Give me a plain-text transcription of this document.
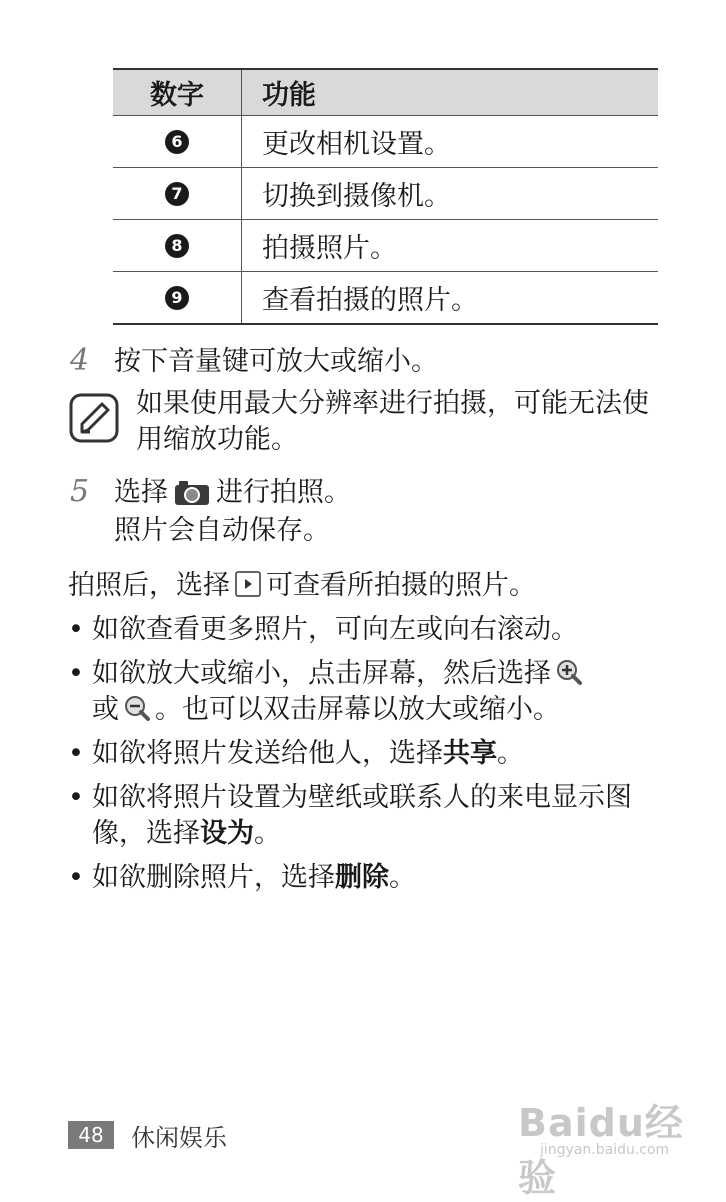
数字	功能
6	更改相机设置。
7	切换到摄像机。
8	拍摄照片。
9	查看拍摄的照片。
4 按下音量键可放大或缩小。
如果使用最大分辨率进行拍摄，可能无法使用缩放功能。
5 选择 进行拍照。
照片会自动保存。
拍照后，选择 可查看所拍摄的照片。
• 如欲查看更多照片，可向左或向右滚动。
• 如欲放大或缩小，点击屏幕，然后选择
或 。也可以双击屏幕以放大或缩小。
• 如欲将照片发送给他人，选择共享。
• 如欲将照片设置为壁纸或联系人的来电显示图像，选择设为。
• 如欲删除照片，选择删除。
48	休闲娱乐	Baidu经验
jingyan.baidu.com
